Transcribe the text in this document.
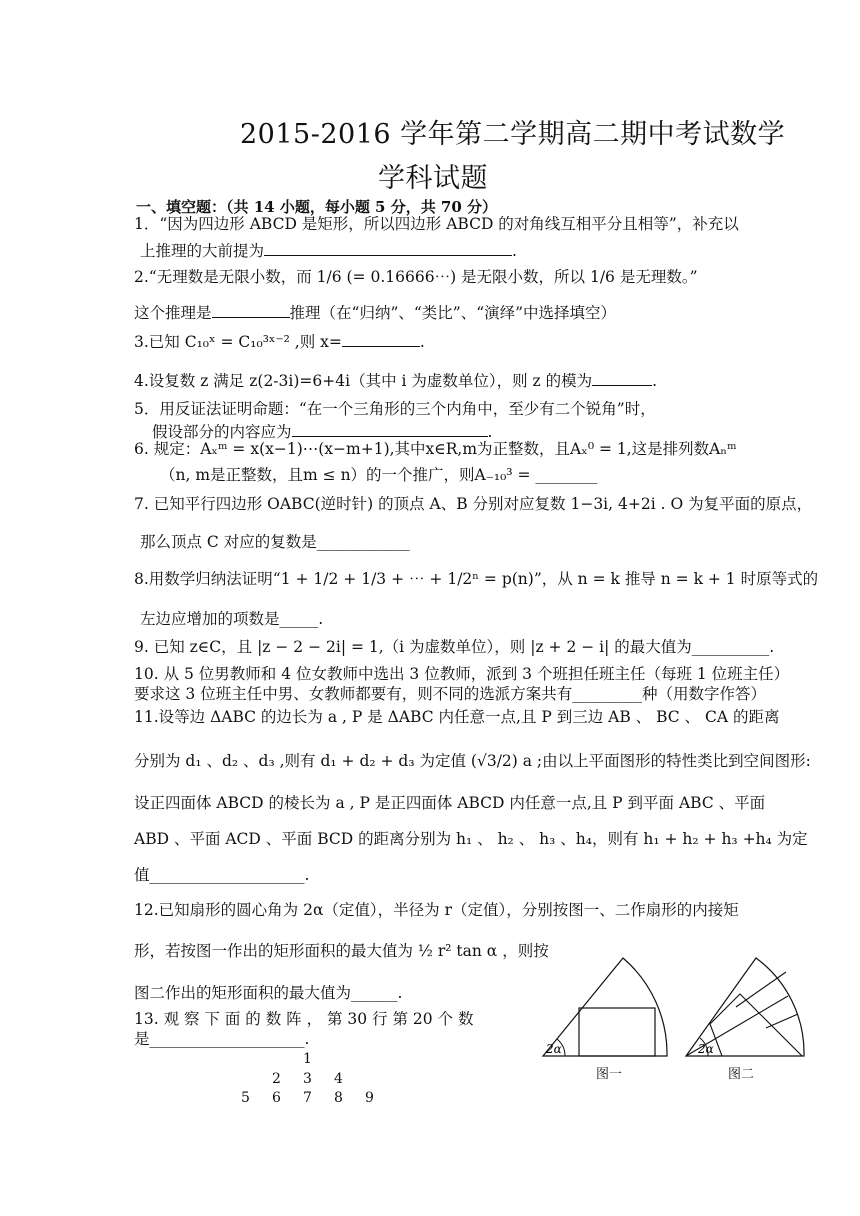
2015-2016 学年第二学期高二期中考试数学
学科试题
一、填空题：（共 14 小题，每小题 5 分，共 70 分）
1．“因为四边形 ABCD 是矩形，所以四边形 ABCD 的对角线互相平分且相等”，补充以
上推理的大前提为	.
2.“无理数是无限小数，而 1/6 (= 0.16666⋯) 是无限小数，所以 1/6 是无理数。”
这个推理是	推理（在“归纳”、“类比”、“演绎”中选择填空）
3.已知 C₁₀ˣ = C₁₀³ˣ⁻² ,则 x=	.
4.设复数 z 满足 z(2-3i)=6+4i（其中 i 为虚数单位），则 z 的模为	.
5．用反证法证明命题：“在一个三角形的三个内角中，至少有二个锐角”时，
假设部分的内容应为	.
6. 规定：Aₓᵐ = x(x−1)⋯(x−m+1),其中x∈R,m为正整数，且Aₓ⁰ = 1,这是排列数Aₙᵐ
（n, m是正整数，且m ≤ n）的一个推广，则A₋₁₀³ = ________
7. 已知平行四边形 OABC(逆时针) 的顶点 A、B 分别对应复数 1−3i, 4+2i . O 为复平面的原点，
那么顶点 C 对应的复数是____________
8.用数学归纳法证明“1 + 1/2 + 1/3 + ⋯ + 1/2ⁿ = p(n)”，从 n = k 推导 n = k + 1 时原等式的
左边应增加的项数是_____.
9. 已知 z∈C，且 |z − 2 − 2i| = 1,（i 为虚数单位），则 |z + 2 − i| 的最大值为__________.
10. 从 5 位男教师和 4 位女教师中选出 3 位教师，派到 3 个班担任班主任（每班 1 位班主任）
要求这 3 位班主任中男、女教师都要有，则不同的选派方案共有_________种（用数字作答）
11.设等边 ΔABC 的边长为 a , P 是 ΔABC 内任意一点,且 P 到三边 AB 、 BC 、 CA 的距离
分别为 d₁ 、d₂ 、d₃ ,则有 d₁ + d₂ + d₃ 为定值 (√3/2) a ;由以上平面图形的特性类比到空间图形:
设正四面体 ABCD 的棱长为 a , P 是正四面体 ABCD 内任意一点,且 P 到平面 ABC 、平面
ABD 、平面 ACD 、平面 BCD 的距离分别为 h₁ 、 h₂ 、 h₃ 、h₄，则有 h₁ + h₂ + h₃ +h₄ 为定
值____________________.
12.已知扇形的圆心角为 2α（定值），半径为 r（定值），分别按图一、二作扇形的内接矩
形，若按图一作出的矩形面积的最大值为 ½ r² tan α ，则按
图二作出的矩形面积的最大值为______.
13. 观 察 下 面 的 数 阵 ， 第 30 行 第 20 个 数
是____________________.
1
2 3 4
5 6 7 8 9
2α
图一
2α
图二
